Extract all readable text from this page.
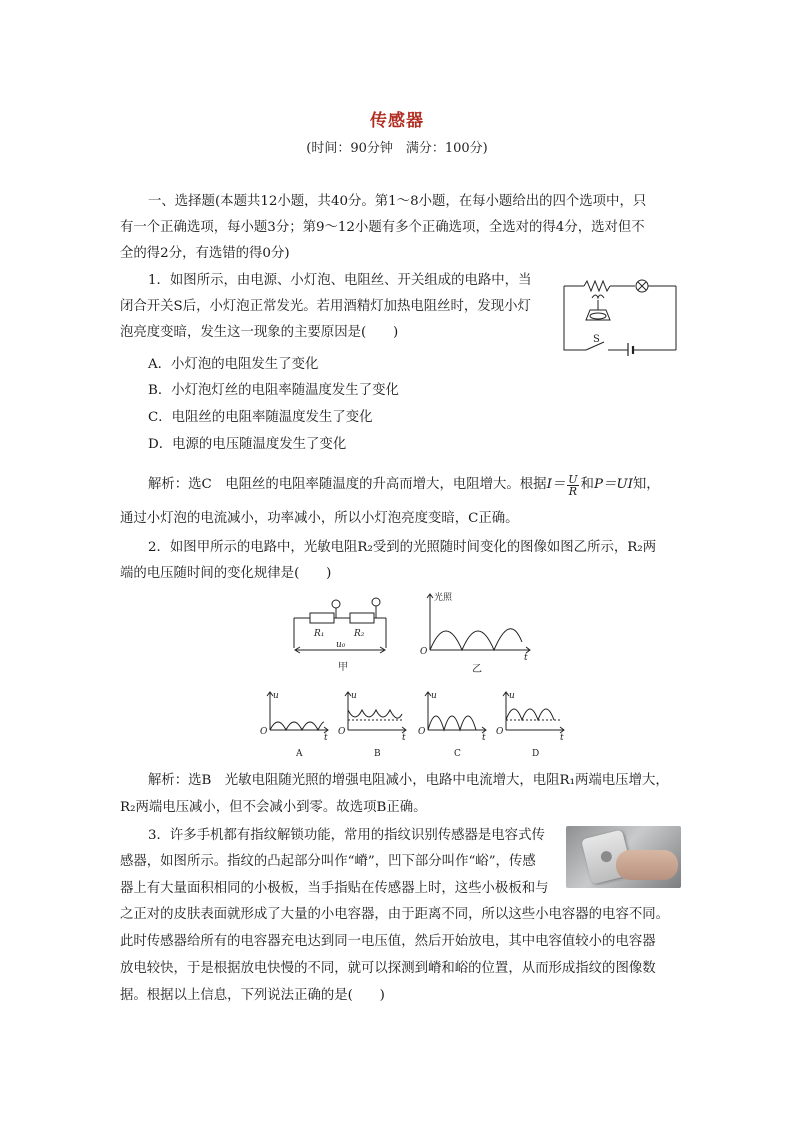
传感器
(时间：90分钟　满分：100分)

一、选择题(本题共12小题，共40分。第1～8小题，在每小题给出的四个选项中，只

有一个正确选项，每小题3分；第9～12小题有多个正确选项，全选对的得4分，选对但不

全的得2分，有选错的得0分)

1．如图所示，由电源、小灯泡、电阻丝、开关组成的电路中，当

闭合开关S后，小灯泡正常发光。若用酒精灯加热电阻丝时，发现小灯

泡亮度变暗，发生这一现象的主要原因是(　　)	S

A．小灯泡的电阻发生了变化

B．小灯泡灯丝的电阻率随温度发生了变化

C．电阻丝的电阻率随温度发生了变化

D．电源的电压随温度发生了变化

解析：选C　电阻丝的电阻率随温度的升高而增大，电阻增大。根据 $I= \frac{U}{R}$ 和 P＝UI 知，

通过小灯泡的电流减小，功率减小，所以小灯泡亮度变暗，C正确。

2．如图甲所示的电路中，光敏电阻R₂受到的光照随时间变化的图像如图乙所示，R₂两

端的电压随时间的变化规律是(　　)

R₁	R₂
u₀
甲
光照
t
O
乙
u
t
O
A
u
t
O
B
u
t
O
C
u
t
O
D

解析：选B　光敏电阻随光照的增强电阻减小，电路中电流增大，电阻R₁两端电压增大，

R₂两端电压减小，但不会减小到零。故选项B正确。

3．许多手机都有指纹解锁功能，常用的指纹识别传感器是电容式传

感器，如图所示。指纹的凸起部分叫作“嵴”，凹下部分叫作“峪”，传感

器上有大量面积相同的小极板，当手指贴在传感器上时，这些小极板和与

之正对的皮肤表面就形成了大量的小电容器，由于距离不同，所以这些小电容器的电容不同。

此时传感器给所有的电容器充电达到同一电压值，然后开始放电，其中电容值较小的电容器

放电较快，于是根据放电快慢的不同，就可以探测到嵴和峪的位置，从而形成指纹的图像数

据。根据以上信息，下列说法正确的是(　　)
